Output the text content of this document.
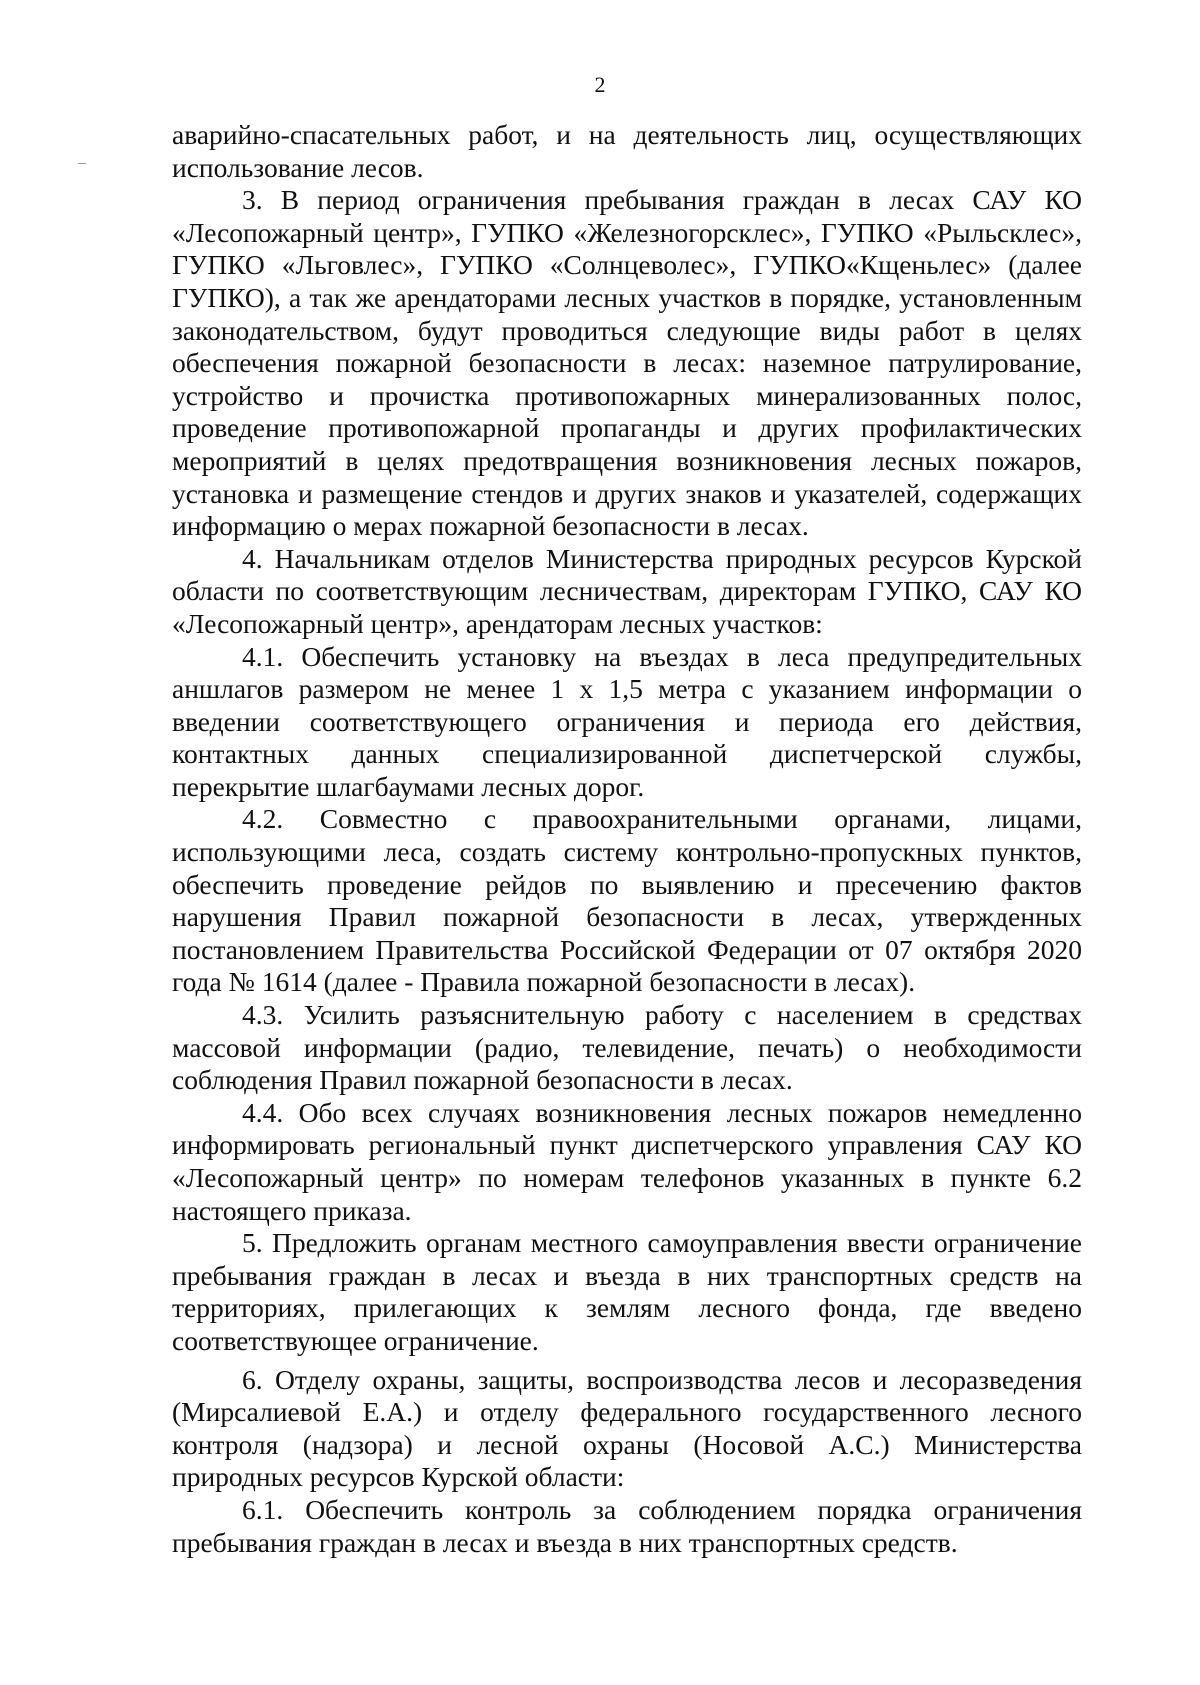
2

аварийно-спасательных работ, и на деятельность лиц, осуществляющих использование лесов.

3. В период ограничения пребывания граждан в лесах САУ КО «Лесопожарный центр», ГУПКО «Железногорсклес», ГУПКО «Рыльсклес», ГУПКО «Льговлес», ГУПКО «Солнцеволес», ГУПКО«Кщеньлес» (далее ГУПКО), а так же арендаторами лесных участков в порядке, установленным законодательством, будут проводиться следующие виды работ в целях обеспечения пожарной безопасности в лесах: наземное патрулирование, устройство и прочистка противопожарных минерализованных полос, проведение противопожарной пропаганды и других профилактических мероприятий в целях предотвращения возникновения лесных пожаров, установка и размещение стендов и других знаков и указателей, содержащих информацию о мерах пожарной безопасности в лесах.

4. Начальникам отделов Министерства природных ресурсов Курской области по соответствующим лесничествам, директорам ГУПКО, САУ КО «Лесопожарный центр», арендаторам лесных участков:

4.1. Обеспечить установку на въездах в леса предупредительных аншлагов размером не менее 1 х 1,5 метра с указанием информации о введении соответствующего ограничения и периода его действия, контактных данных специализированной диспетчерской службы, перекрытие шлагбаумами лесных дорог.

4.2. Совместно с правоохранительными органами, лицами, использующими леса, создать систему контрольно-пропускных пунктов, обеспечить проведение рейдов по выявлению и пресечению фактов нарушения Правил пожарной безопасности в лесах, утвержденных постановлением Правительства Российской Федерации от 07 октября 2020 года № 1614 (далее - Правила пожарной безопасности в лесах).

4.3. Усилить разъяснительную работу с населением в средствах массовой информации (радио, телевидение, печать) о необходимости соблюдения Правил пожарной безопасности в лесах.

4.4. Обо всех случаях возникновения лесных пожаров немедленно информировать региональный пункт диспетчерского управления САУ КО «Лесопожарный центр» по номерам телефонов указанных в пункте 6.2 настоящего приказа.

5. Предложить органам местного самоуправления ввести ограничение пребывания граждан в лесах и въезда в них транспортных средств на территориях, прилегающих к землям лесного фонда, где введено соответствующее ограничение.

6. Отделу охраны, защиты, воспроизводства лесов и лесоразведения (Мирсалиевой Е.А.) и отделу федерального государственного лесного контроля (надзора) и лесной охраны (Носовой А.С.) Министерства природных ресурсов Курской области:

6.1. Обеспечить контроль за соблюдением порядка ограничения пребывания граждан в лесах и въезда в них транспортных средств.
